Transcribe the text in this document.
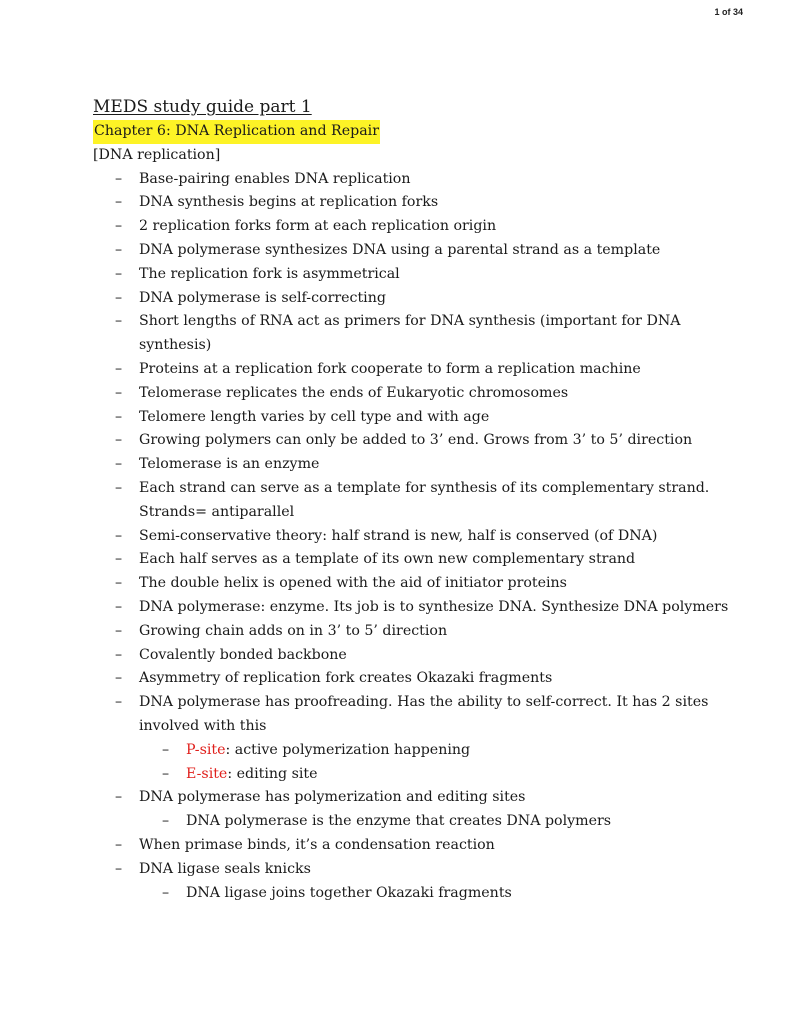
1 of 34
MEDS study guide part 1
Chapter 6: DNA Replication and Repair
[DNA replication]
– Base-pairing enables DNA replication
– DNA synthesis begins at replication forks
– 2 replication forks form at each replication origin
– DNA polymerase synthesizes DNA using a parental strand as a template
– The replication fork is asymmetrical
– DNA polymerase is self-correcting
– Short lengths of RNA act as primers for DNA synthesis (important for DNA synthesis)
– Proteins at a replication fork cooperate to form a replication machine
– Telomerase replicates the ends of Eukaryotic chromosomes
– Telomere length varies by cell type and with age
– Growing polymers can only be added to 3’ end. Grows from 3’ to 5’ direction
– Telomerase is an enzyme
– Each strand can serve as a template for synthesis of its complementary strand. Strands= antiparallel
– Semi-conservative theory: half strand is new, half is conserved (of DNA)
– Each half serves as a template of its own new complementary strand
– The double helix is opened with the aid of initiator proteins
– DNA polymerase: enzyme. Its job is to synthesize DNA. Synthesize DNA polymers
– Growing chain adds on in 3’ to 5’ direction
– Covalently bonded backbone
– Asymmetry of replication fork creates Okazaki fragments
– DNA polymerase has proofreading. Has the ability to self-correct. It has 2 sites involved with this
– P-site: active polymerization happening
– E-site: editing site
– DNA polymerase has polymerization and editing sites
– DNA polymerase is the enzyme that creates DNA polymers
– When primase binds, it’s a condensation reaction
– DNA ligase seals knicks
– DNA ligase joins together Okazaki fragments
